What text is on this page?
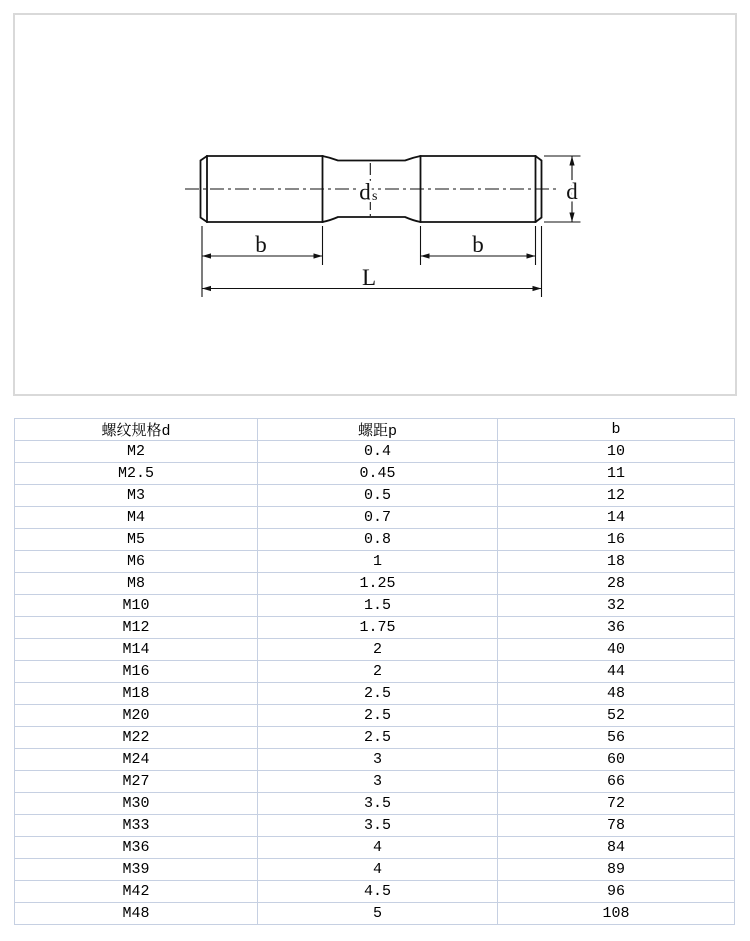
d s	d
b	b
L
螺纹规格d	螺距p	b
M2	0.4	10
M2.5	0.45	11
M3	0.5	12
M4	0.7	14
M5	0.8	16
M6	1	18
M8	1.25	28
M10	1.5	32
M12	1.75	36
M14	2	40
M16	2	44
M18	2.5	48
M20	2.5	52
M22	2.5	56
M24	3	60
M27	3	66
M30	3.5	72
M33	3.5	78
M36	4	84
M39	4	89
M42	4.5	96
M48	5	108
